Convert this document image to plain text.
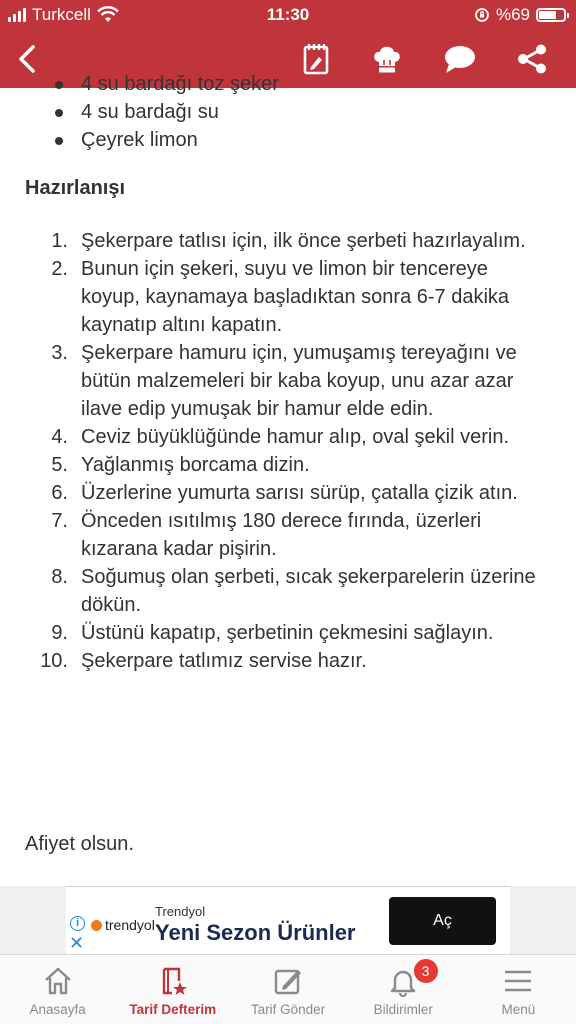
Turkcell	11:30	%69
4 su bardağı toz şeker
4 su bardağı su
Çeyrek limon
Hazırlanışı
1. Şekerpare tatlısı için, ilk önce şerbeti hazırlayalım.
2. Bunun için şekeri, suyu ve limon bir tencereye koyup, kaynamaya başladıktan sonra 6-7 dakika kaynatıp altını kapatın.
3. Şekerpare hamuru için, yumuşamış tereyağını ve bütün malzemeleri bir kaba koyup, unu azar azar ilave edip yumuşak bir hamur elde edin.
4. Ceviz büyüklüğünde hamur alıp, oval şekil verin.
5. Yağlanmış borcama dizin.
6. Üzerlerine yumurta sarısı sürüp, çatalla çizik atın.
7. Önceden ısıtılmış 180 derece fırında, üzerleri kızarana kadar pişirin.
8. Soğumuş olan şerbeti, sıcak şekerparelerin üzerine dökün.
9. Üstünü kapatıp, şerbetinin çekmesini sağlayın.
10. Şekerpare tatlımız servise hazır.
Afiyet olsun.
i
✕
trendyol
Trendyol
Yeni Sezon Ürünler	Aç
Anasayfa	Tarif Defterim	Tarif Gönder
3
Bildirimler	Menü
